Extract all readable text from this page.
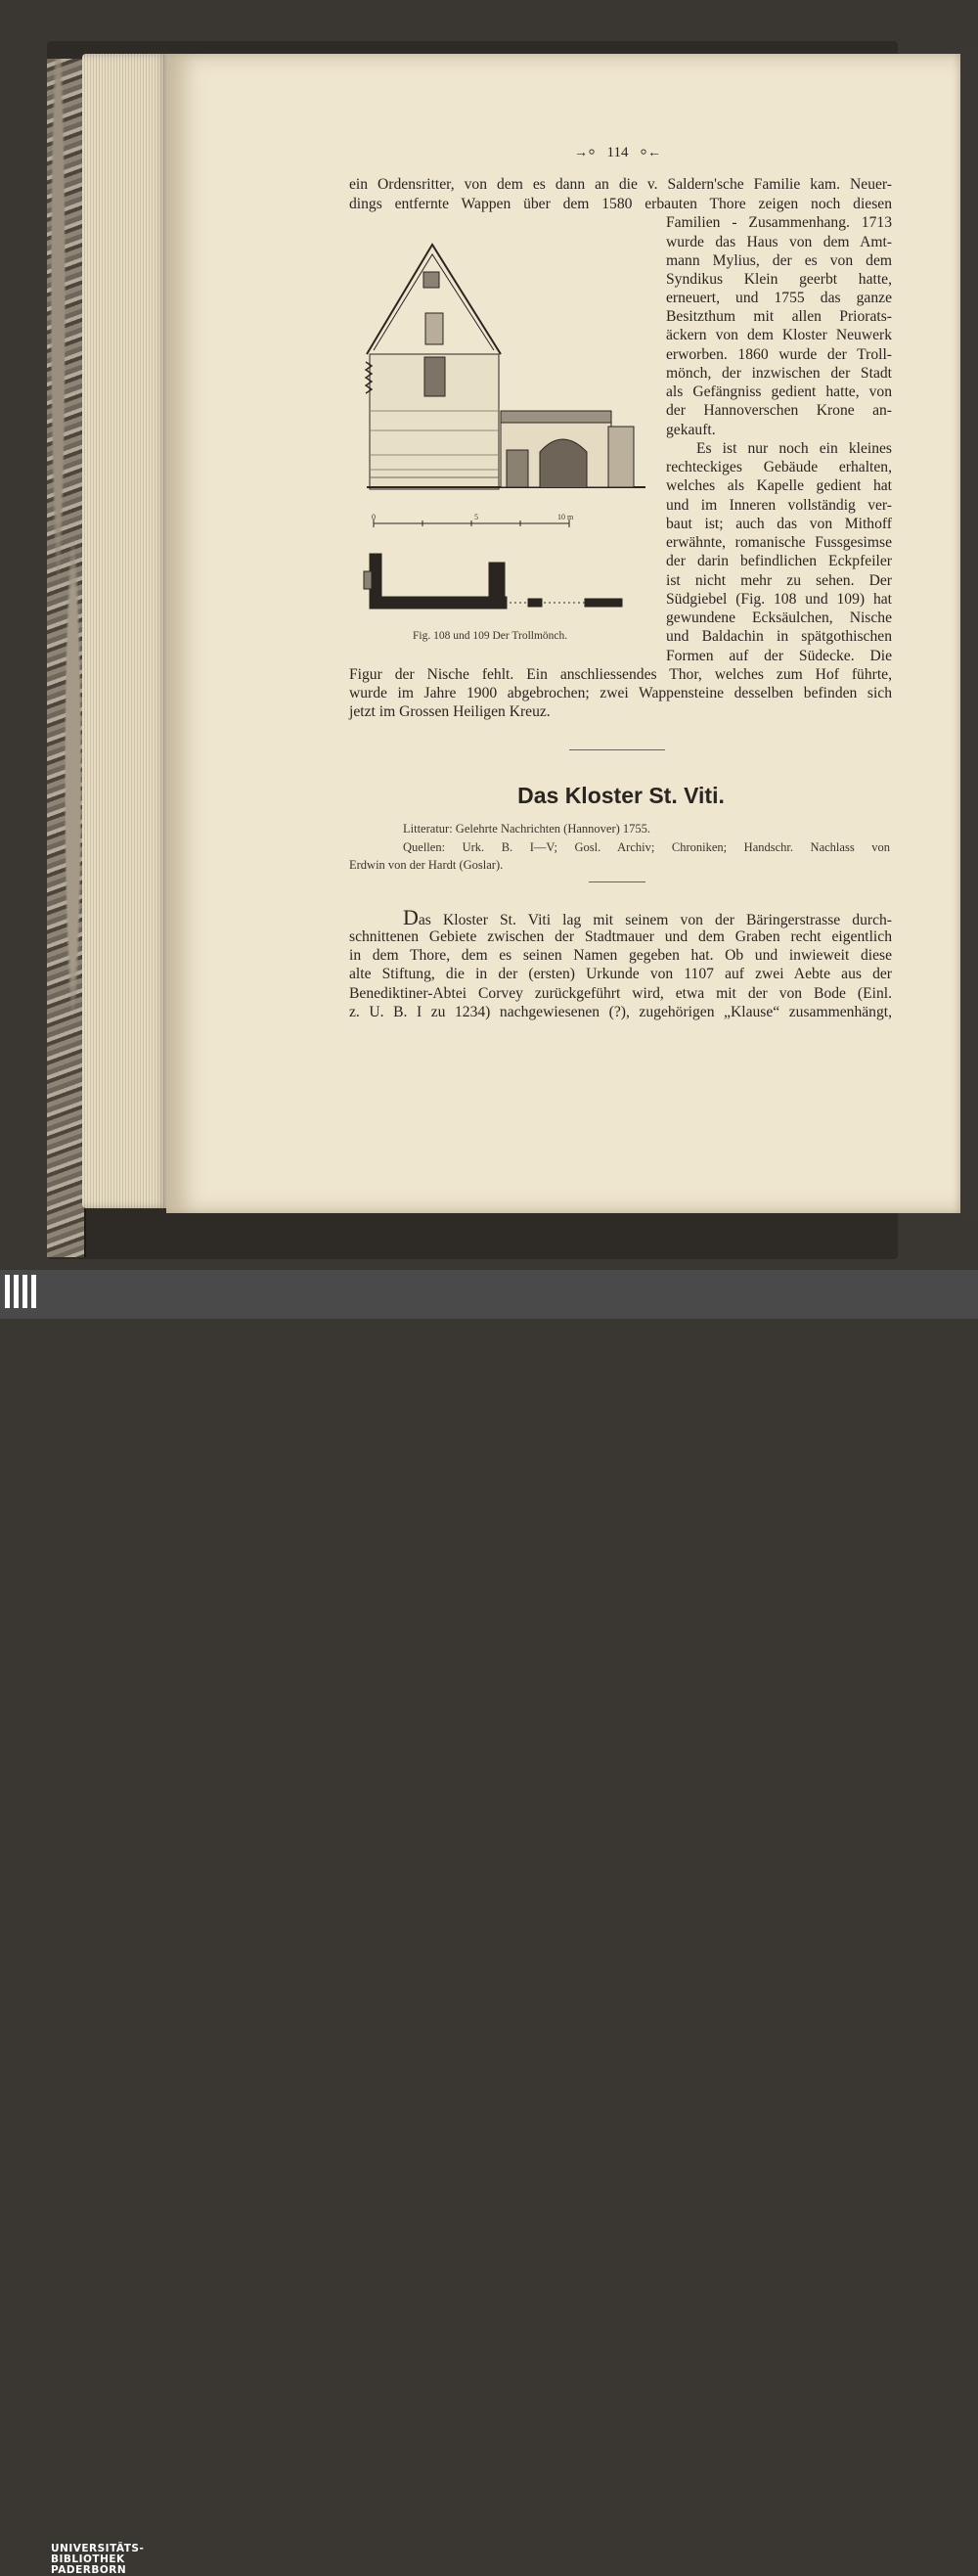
→⸰ 114 ⸰←
ein Ordensritter, von dem es dann an die v. Saldern'sche Familie kam. Neuer-
dings entfernte Wappen über dem 1580 erbauten Thore zeigen noch diesen
Familien - Zusammenhang. 1713
wurde das Haus von dem Amt-
mann Mylius, der es von dem
Syndikus Klein geerbt hatte,
erneuert, und 1755 das ganze
Besitzthum mit allen Priorats-
äckern von dem Kloster Neuwerk
erworben. 1860 wurde der Troll-
mönch, der inzwischen der Stadt
als Gefängniss gedient hatte, von
der Hannoverschen Krone an-
gekauft.
Es ist nur noch ein kleines
rechteckiges Gebäude erhalten,
welches als Kapelle gedient hat
und im Inneren vollständig ver-
baut ist; auch das von Mithoff
erwähnte, romanische Fussgesimse
der darin befindlichen Eckpfeiler
ist nicht mehr zu sehen. Der
Südgiebel (Fig. 108 und 109) hat
gewundene Ecksäulchen, Nische
und Baldachin in spätgothischen
Formen auf der Südecke. Die
0	5	10 m
Fig. 108 und 109 Der Trollmönch.
Figur der Nische fehlt. Ein anschliessendes Thor, welches zum Hof führte,
wurde im Jahre 1900 abgebrochen; zwei Wappensteine desselben befinden sich
jetzt im Grossen Heiligen Kreuz.
Das Kloster St. Viti.
Litteratur: Gelehrte Nachrichten (Hannover) 1755.
Quellen: Urk. B. I—V; Gosl. Archiv; Chroniken; Handschr. Nachlass von
Erdwin von der Hardt (Goslar).
Das Kloster St. Viti lag mit seinem von der Bäringerstrasse durch-
schnittenen Gebiete zwischen der Stadtmauer und dem Graben recht eigentlich
in dem Thore, dem es seinen Namen gegeben hat. Ob und inwieweit diese
alte Stiftung, die in der (ersten) Urkunde von 1107 auf zwei Aebte aus der
Benediktiner-Abtei Corvey zurückgeführt wird, etwa mit der von Bode (Einl.
z. U. B. I zu 1234) nachgewiesenen (?), zugehörigen „Klause“ zusammenhängt,
UNIVERSITÄTS-
BIBLIOTHEK
PADERBORN
